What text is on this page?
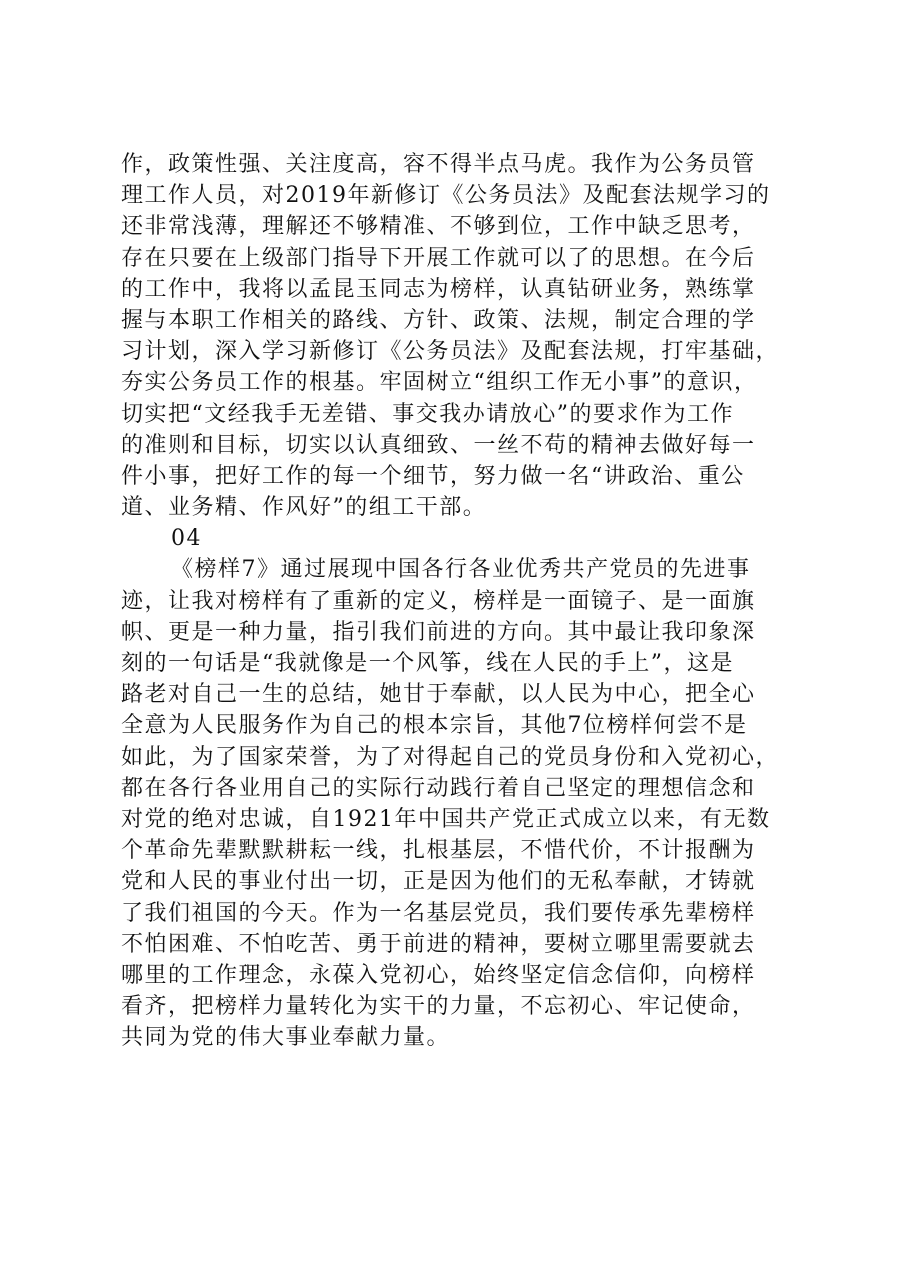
作，政策性强、关注度高，容不得半点马虎。我作为公务员管
理工作人员，对2019年新修订《公务员法》及配套法规学习的
还非常浅薄，理解还不够精准、不够到位，工作中缺乏思考，
存在只要在上级部门指导下开展工作就可以了的思想。在今后
的工作中，我将以孟昆玉同志为榜样，认真钻研业务，熟练掌
握与本职工作相关的路线、方针、政策、法规，制定合理的学
习计划，深入学习新修订《公务员法》及配套法规，打牢基础，
夯实公务员工作的根基。牢固树立“组织工作无小事”的意识，
切实把“文经我手无差错、事交我办请放心”的要求作为工作
的准则和目标，切实以认真细致、一丝不苟的精神去做好每一
件小事，把好工作的每一个细节，努力做一名“讲政治、重公
道、业务精、作风好”的组工干部。
04
《榜样7》通过展现中国各行各业优秀共产党员的先进事
迹，让我对榜样有了重新的定义，榜样是一面镜子、是一面旗
帜、更是一种力量，指引我们前进的方向。其中最让我印象深
刻的一句话是“我就像是一个风筝，线在人民的手上”，这是
路老对自己一生的总结，她甘于奉献，以人民为中心，把全心
全意为人民服务作为自己的根本宗旨，其他7位榜样何尝不是
如此，为了国家荣誉，为了对得起自己的党员身份和入党初心，
都在各行各业用自己的实际行动践行着自己坚定的理想信念和
对党的绝对忠诚，自1921年中国共产党正式成立以来，有无数
个革命先辈默默耕耘一线，扎根基层，不惜代价，不计报酬为
党和人民的事业付出一切，正是因为他们的无私奉献，才铸就
了我们祖国的今天。作为一名基层党员，我们要传承先辈榜样
不怕困难、不怕吃苦、勇于前进的精神，要树立哪里需要就去
哪里的工作理念，永葆入党初心，始终坚定信念信仰，向榜样
看齐，把榜样力量转化为实干的力量，不忘初心、牢记使命，
共同为党的伟大事业奉献力量。
